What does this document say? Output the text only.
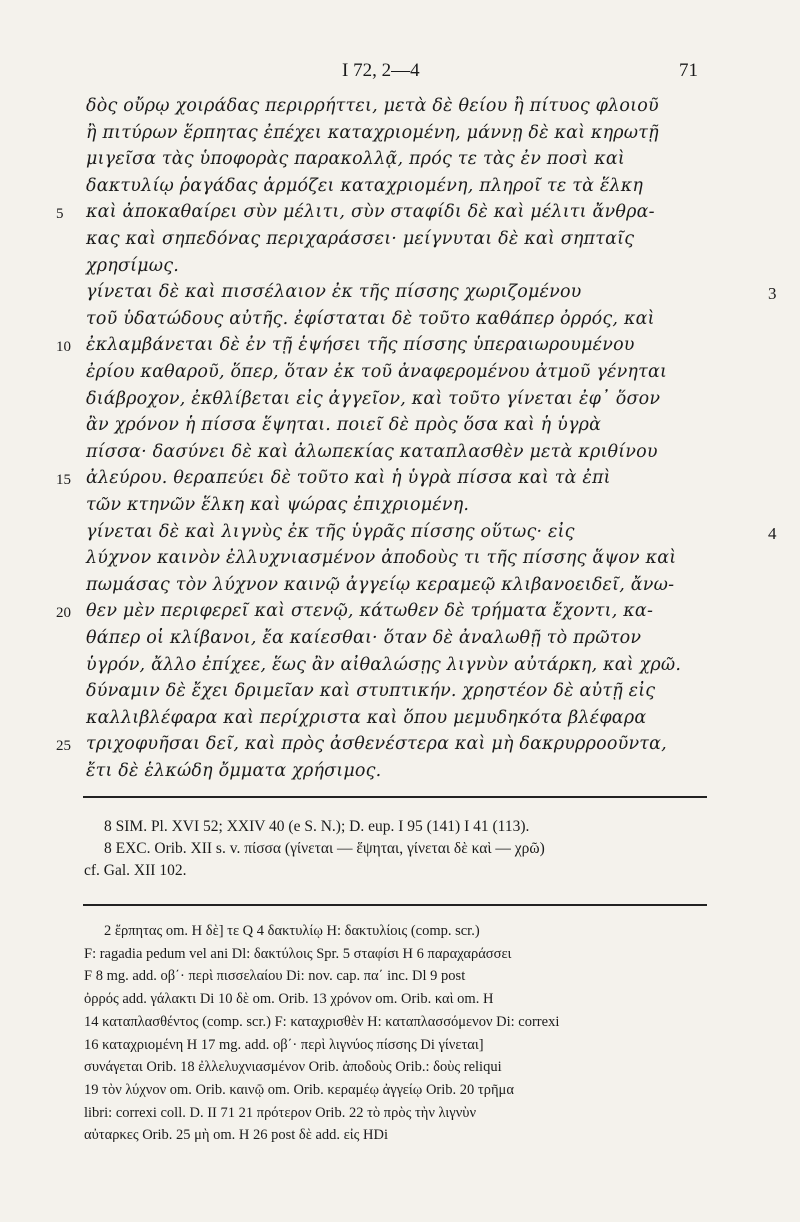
I 72, 2—4	71
δὸς οὔρῳ χοιράδας περιρρήττει, μετὰ δὲ θείου ἢ πίτυος φλοιοῦ
ἢ πιτύρων ἕρπητας ἐπέχει καταχριομένη, μάννῃ δὲ καὶ κηρωτῇ
μιγεῖσα τὰς ὑποφορὰς παρακολλᾷ, πρός τε τὰς ἐν ποσὶ καὶ
δακτυλίῳ ῥαγάδας ἁρμόζει καταχριομένη, πληροῖ τε τὰ ἕλκη
5 καὶ ἀποκαθαίρει σὺν μέλιτι, σὺν σταφίδι δὲ καὶ μέλιτι ἄνθρα-
κας καὶ σηπεδόνας περιχαράσσει· μείγνυται δὲ καὶ σηπταῖς
χρησίμως.
γίνεται δὲ καὶ πισσέλαιον ἐκ τῆς πίσσης χωριζομένου	3
τοῦ ὑδατώδους αὐτῆς. ἐφίσταται δὲ τοῦτο καθάπερ ὀρρός, καὶ
10 ἐκλαμβάνεται δὲ ἐν τῇ ἑψήσει τῆς πίσσης ὑπεραιωρουμένου
ἐρίου καθαροῦ, ὅπερ, ὅταν ἐκ τοῦ ἀναφερομένου ἀτμοῦ γένηται
διάβροχον, ἐκθλίβεται εἰς ἀγγεῖον, καὶ τοῦτο γίνεται ἐφ᾽ ὅσον
ἂν χρόνον ἡ πίσσα ἕψηται. ποιεῖ δὲ πρὸς ὅσα καὶ ἡ ὑγρὰ
πίσσα· δασύνει δὲ καὶ ἀλωπεκίας καταπλασθὲν μετὰ κριθίνου
15 ἀλεύρου. θεραπεύει δὲ τοῦτο καὶ ἡ ὑγρὰ πίσσα καὶ τὰ ἐπὶ
τῶν κτηνῶν ἕλκη καὶ ψώρας ἐπιχριομένη.
γίνεται δὲ καὶ λιγνὺς ἐκ τῆς ὑγρᾶς πίσσης οὕτως· εἰς	4
λύχνον καινὸν ἐλλυχνιασμένον ἀποδοὺς τι τῆς πίσσης ἅψον καὶ
πωμάσας τὸν λύχνον καινῷ ἀγγείῳ κεραμεῷ κλιβανοειδεῖ, ἄνω-
20 θεν μὲν περιφερεῖ καὶ στενῷ, κάτωθεν δὲ τρήματα ἔχοντι, κα-
θάπερ οἱ κλίβανοι, ἔα καίεσθαι· ὅταν δὲ ἀναλωθῇ τὸ πρῶτον
ὑγρόν, ἄλλο ἐπίχεε, ἕως ἂν αἰθαλώσῃς λιγνὺν αὐτάρκη, καὶ χρῶ.
δύναμιν δὲ ἔχει δριμεῖαν καὶ στυπτικήν. χρηστέον δὲ αὐτῇ εἰς
καλλιβλέφαρα καὶ περίχριστα καὶ ὅπου μεμυδηκότα βλέφαρα
25 τριχοφυῆσαι δεῖ, καὶ πρὸς ἀσθενέστερα καὶ μὴ δακρυρροοῦντα,
ἔτι δὲ ἑλκώδη ὄμματα χρήσιμος.
8 SIM. Pl. XVI 52; XXIV 40 (e S. N.); D. eup. I 95 (141) I 41 (113).
8 EXC. Orib. XII s. v. πίσσα (γίνεται — ἕψηται, γίνεται δὲ καὶ — χρῶ)
cf. Gal. XII 102.
2 ἕρπητας om. H δὲ] τε Q 4 δακτυλίῳ H: δακτυλίοις (comp. scr.)
F: ragadia pedum vel ani Dl: δακτύλοις Spr. 5 σταφίσι H 6 παραχαράσσει
F 8 mg. add. οβ΄· περὶ πισσελαίου Di: nov. cap. πα΄ inc. Dl 9 post
ὀρρός add. γάλακτι Di 10 δὲ om. Orib. 13 χρόνον om. Orib. καὶ om. H
14 καταπλασθέντος (comp. scr.) F: καταχρισθὲν H: καταπλασσόμενον Di: correxi
16 καταχριομένη H 17 mg. add. οβ΄· περὶ λιγνύος πίσσης Di γίνεται]
συνάγεται Orib. 18 ἐλλελυχνιασμένον Orib. ἀποδοὺς Orib.: δοὺς reliqui
19 τὸν λύχνον om. Orib. καινῷ om. Orib. κεραμέῳ ἀγγείῳ Orib. 20 τρῆμα
libri: correxi coll. D. II 71 21 πρότερον Orib. 22 τὸ πρὸς τὴν λιγνὺν
αὐταρκες Orib. 25 μὴ om. H 26 post δὲ add. εἰς HDi
